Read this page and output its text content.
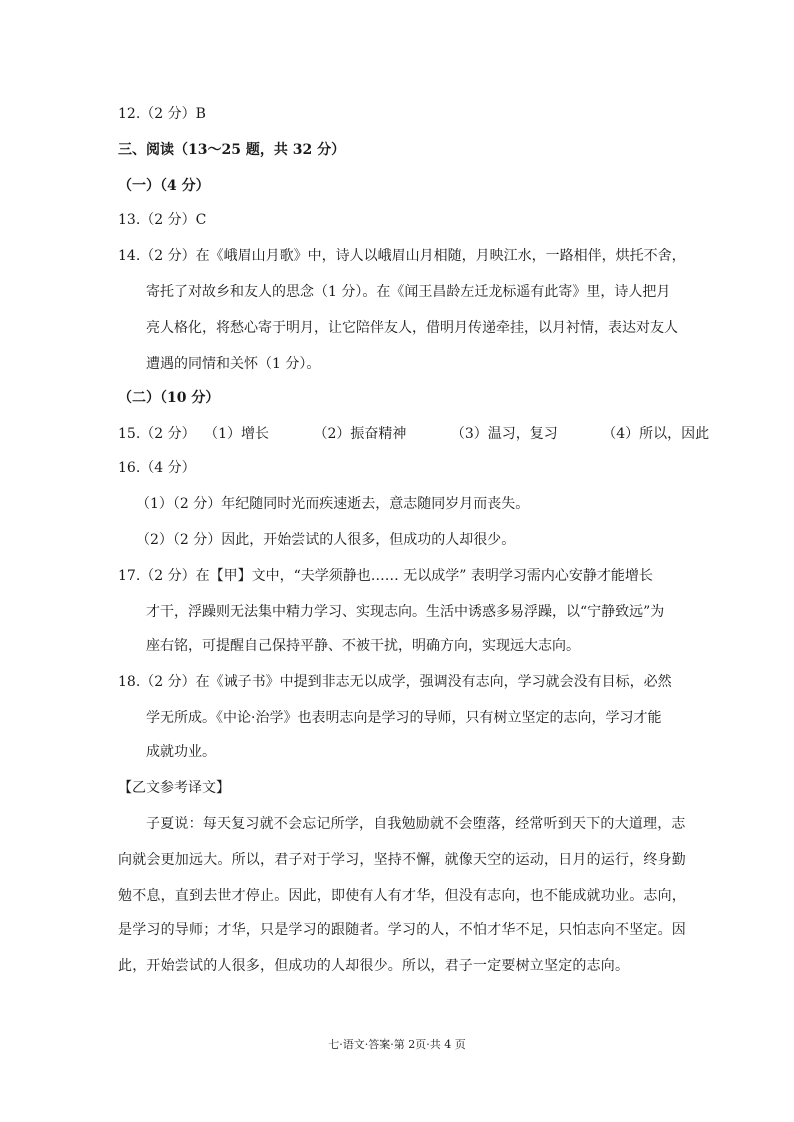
12.（2 分）B
三、阅读（13～25 题，共 32 分）
（一）（4 分）
13.（2 分）C
14.（2 分）在《峨眉山月歌》中，诗人以峨眉山月相随，月映江水，一路相伴，烘托不舍，
寄托了对故乡和友人的思念（1 分）。在《闻王昌龄左迁龙标遥有此寄》里，诗人把月
亮人格化，将愁心寄于明月，让它陪伴友人，借明月传递牵挂，以月衬情，表达对友人
遭遇的同情和关怀（1 分）。
（二）（10 分）
15.（2 分） （1）增长	（2）振奋精神	（3）温习，复习	（4）所以，因此
16.（4 分）
（1）（2 分）年纪随同时光而疾速逝去，意志随同岁月而丧失。
（2）（2 分）因此，开始尝试的人很多，但成功的人却很少。
17.（2 分）在【甲】文中，“夫学须静也…… 无以成学” 表明学习需内心安静才能增长
才干，浮躁则无法集中精力学习、实现志向。生活中诱惑多易浮躁，以“宁静致远”为
座右铭，可提醒自己保持平静、不被干扰，明确方向，实现远大志向。
18.（2 分）在《诫子书》中提到非志无以成学，强调没有志向，学习就会没有目标，必然
学无所成。《中论·治学》也表明志向是学习的导师，只有树立坚定的志向，学习才能
成就功业。
【乙文参考译文】
子夏说：每天复习就不会忘记所学，自我勉励就不会堕落，经常听到天下的大道理，志
向就会更加远大。所以，君子对于学习，坚持不懈，就像天空的运动，日月的运行，终身勤
勉不息，直到去世才停止。因此，即使有人有才华，但没有志向，也不能成就功业。志向，
是学习的导师；才华，只是学习的跟随者。学习的人，不怕才华不足，只怕志向不坚定。因
此，开始尝试的人很多，但成功的人却很少。所以，君子一定要树立坚定的志向。
七·语文·答案·第 2页·共 4 页
